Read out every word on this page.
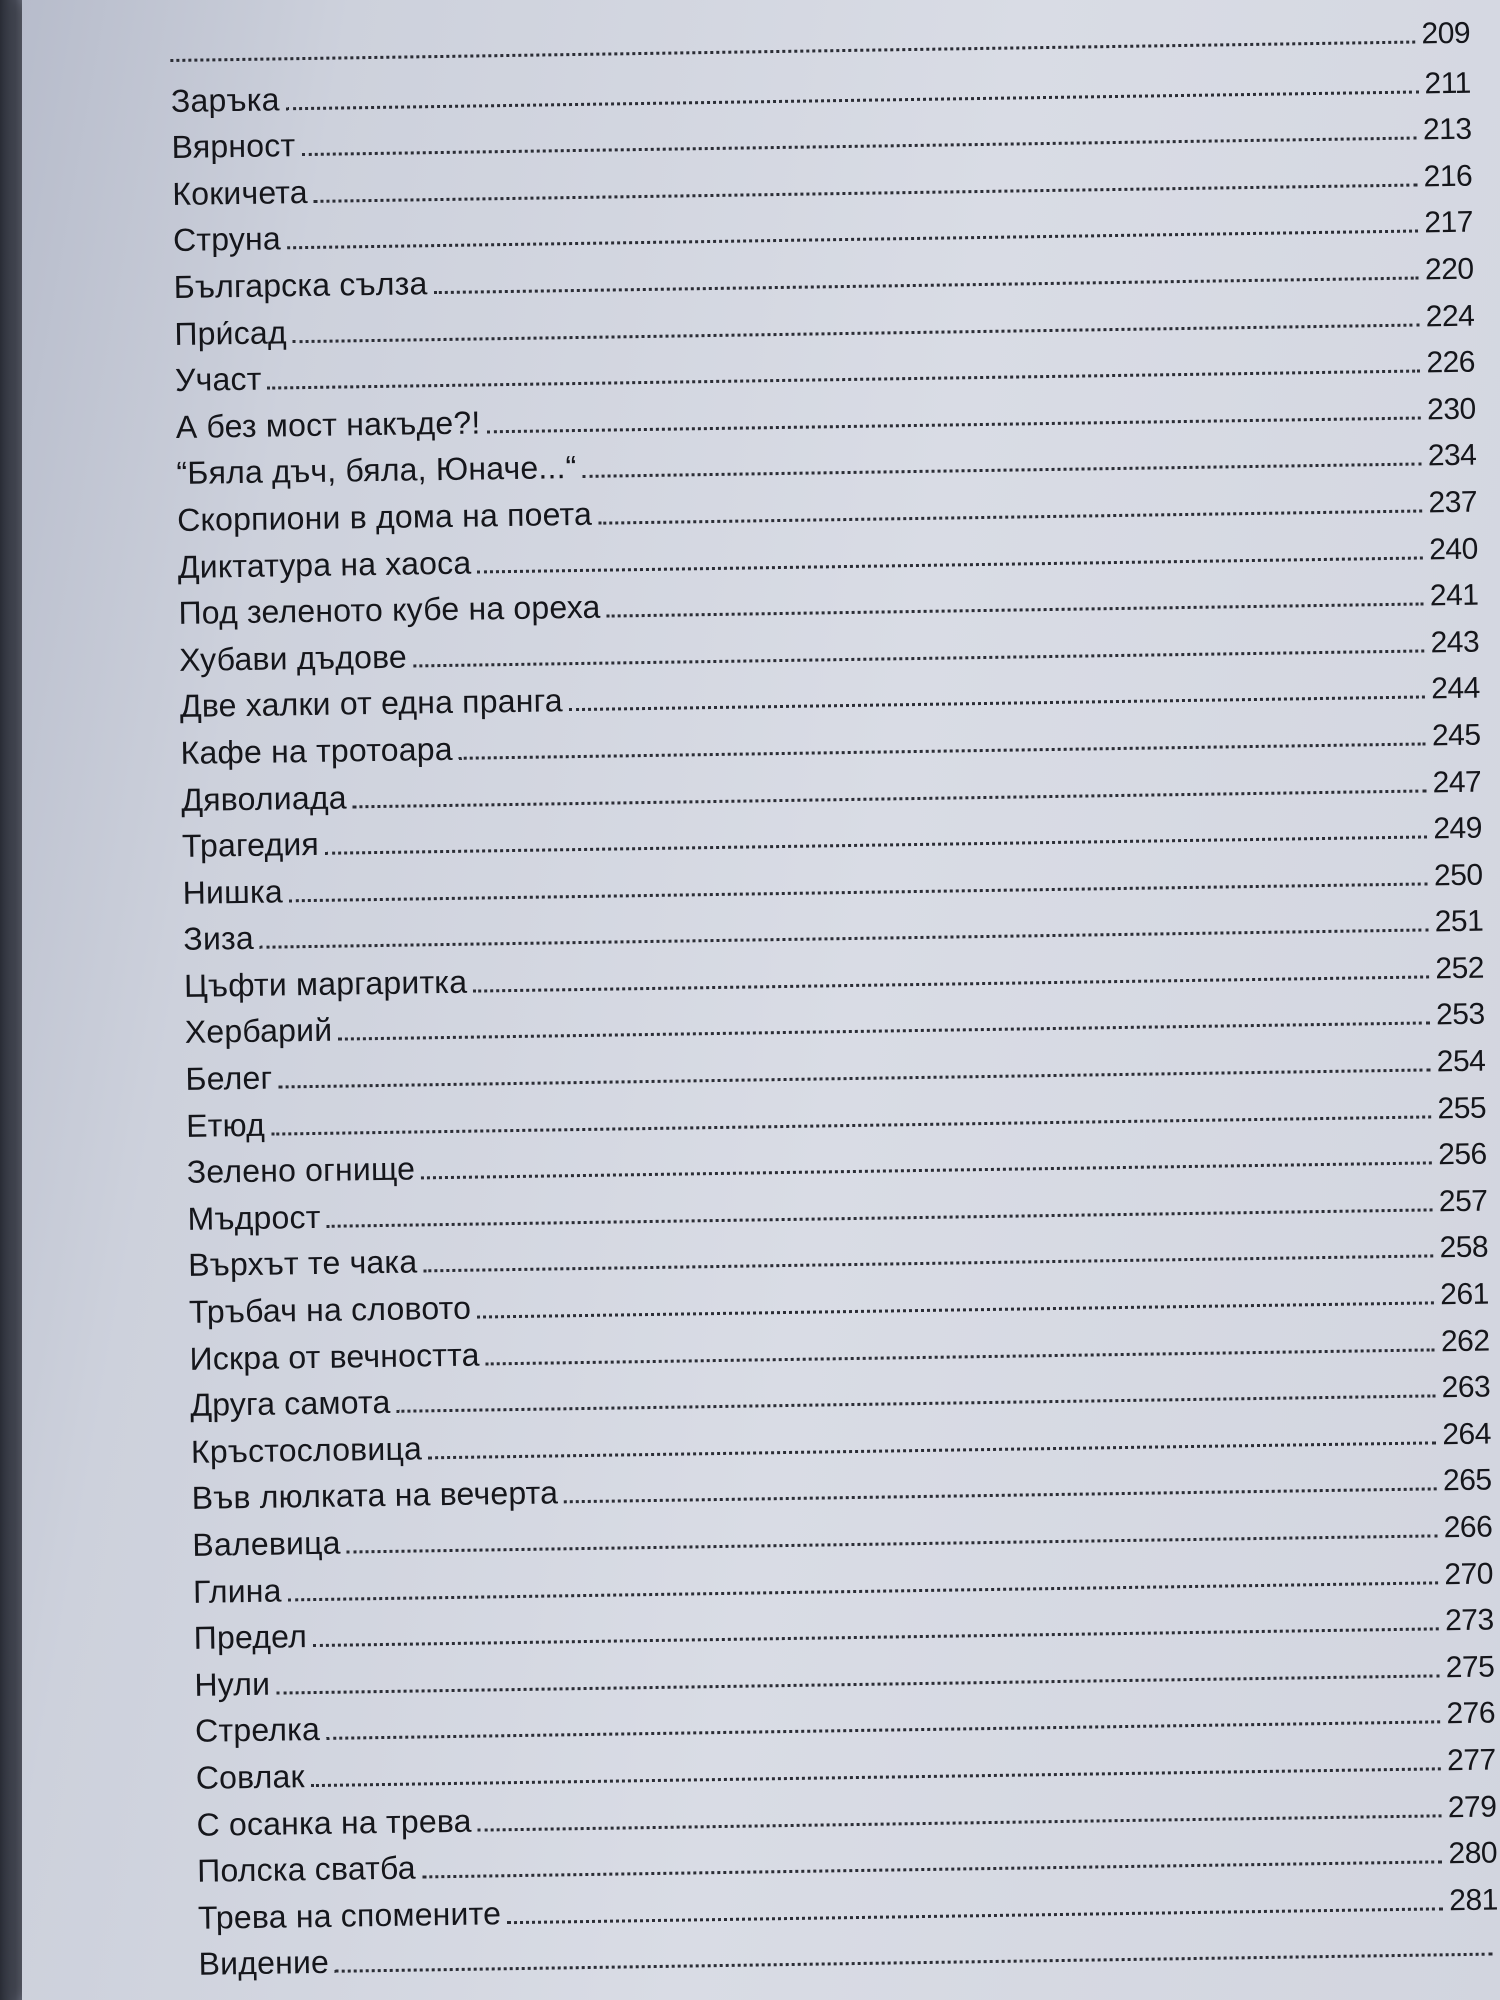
209
Заръка	211
Вярност	213
Кокичета	216
Струна	217
Българска сълза	220
При́сад	224
Участ	226
А без мост накъде?!	230
“Бяла дъч, бяла, Юначе...“	234
Скорпиони в дома на поета	237
Диктатура на хаоса	240
Под зеленото кубе на ореха	241
Хубави дъдове	243
Две халки от една пранга	244
Кафе на тротоара	245
Дяволиада	247
Трагедия	249
Нишка	250
Зиза	251
Цъфти маргаритка	252
Хербарий	253
Белег	254
Етюд	255
Зелено огнище	256
Мъдрост	257
Върхът те чака	258
Тръбач на словото	261
Искра от вечността	262
Друга самота	263
Кръстословица	264
Във люлката на вечерта	265
Валевица	266
Глина	270
Предел	273
Нули	275
Стрелка	276
Совлак	277
С осанка на трева	279
Полска сватба	280
Трева на спомените	281
Видение
